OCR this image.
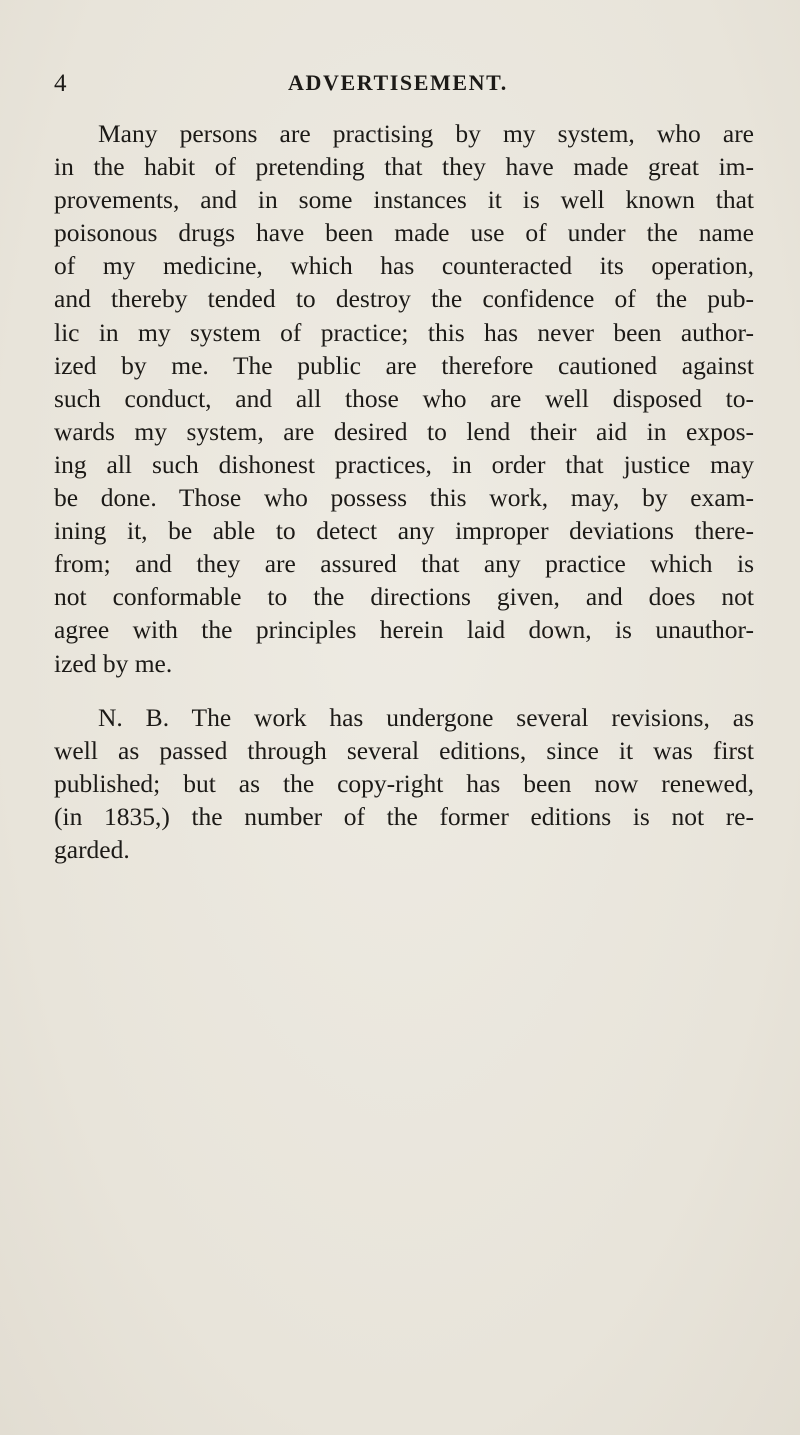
4	ADVERTISEMENT.
Many persons are practising by my system, who are
in the habit of pretending that they have made great im-
provements, and in some instances it is well known that
poisonous drugs have been made use of under the name
of my medicine, which has counteracted its operation,
and thereby tended to destroy the confidence of the pub-
lic in my system of practice; this has never been author-
ized by me. The public are therefore cautioned against
such conduct, and all those who are well disposed to-
wards my system, are desired to lend their aid in expos-
ing all such dishonest practices, in order that justice may
be done. Those who possess this work, may, by exam-
ining it, be able to detect any improper deviations there-
from; and they are assured that any practice which is
not conformable to the directions given, and does not
agree with the principles herein laid down, is unauthor-
ized by me.
N. B. The work has undergone several revisions, as
well as passed through several editions, since it was first
published; but as the copy-right has been now renewed,
(in 1835,) the number of the former editions is not re-
garded.
